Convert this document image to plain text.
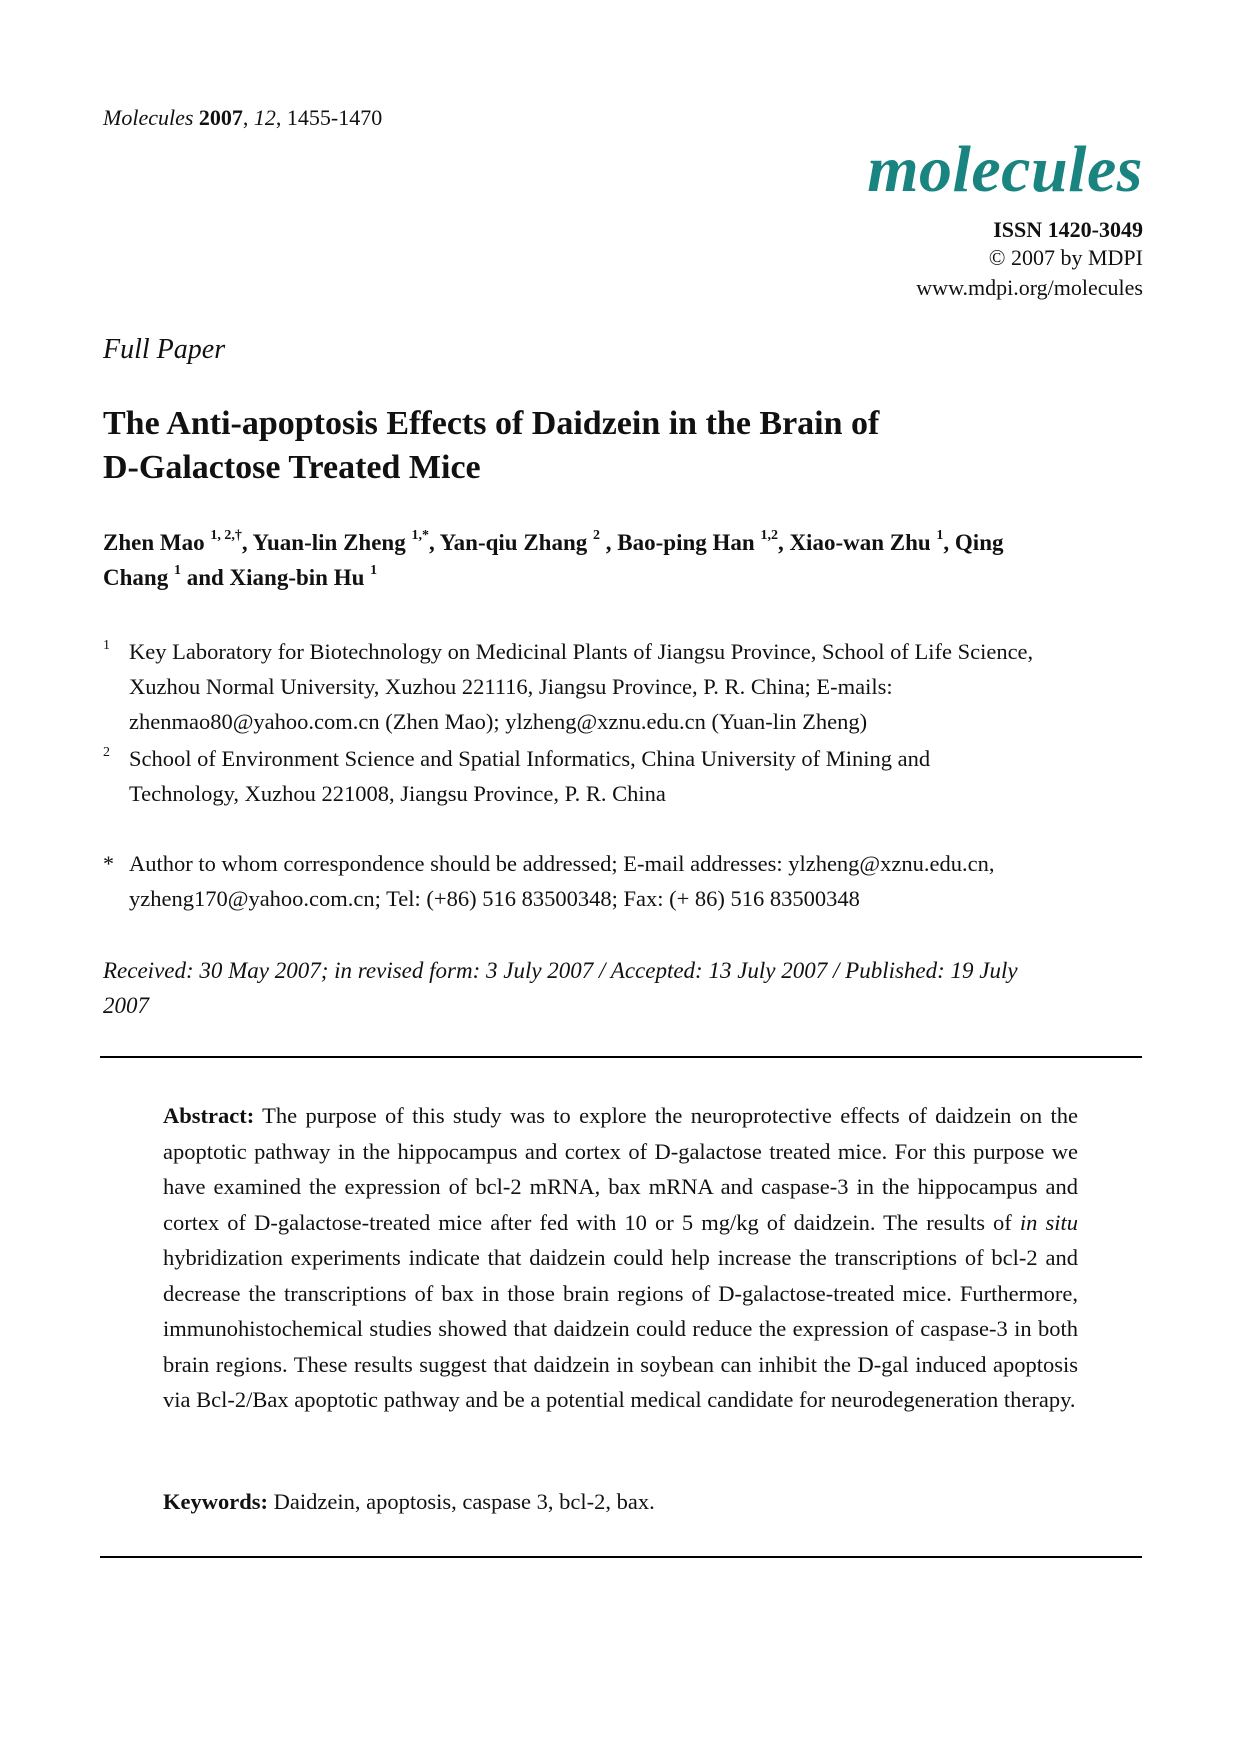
Molecules 2007, 12, 1455-1470
molecules
ISSN 1420-3049
© 2007 by MDPI
www.mdpi.org/molecules
Full Paper
The Anti-apoptosis Effects of Daidzein in the Brain of
D-Galactose Treated Mice
Zhen Mao $^{1, 2,\dagger}$, Yuan-lin Zheng $^{1,*}$, Yan-qiu Zhang $^2$ , Bao-ping Han $^{1,2}$, Xiao-wan Zhu $^1$, Qing
Chang $^1$ and Xiang-bin Hu $^1$
1 Key Laboratory for Biotechnology on Medicinal Plants of Jiangsu Province, School of Life Science,
Xuzhou Normal University, Xuzhou 221116, Jiangsu Province, P. R. China; E-mails:
zhenmao80@yahoo.com.cn (Zhen Mao); ylzheng@xznu.edu.cn (Yuan-lin Zheng)
2 School of Environment Science and Spatial Informatics, China University of Mining and
Technology, Xuzhou 221008, Jiangsu Province, P. R. China
* Author to whom correspondence should be addressed; E-mail addresses: ylzheng@xznu.edu.cn,
yzheng170@yahoo.com.cn; Tel: (+86) 516 83500348; Fax: (+ 86) 516 83500348
Received: 30 May 2007; in revised form: 3 July 2007 / Accepted: 13 July 2007 / Published: 19 July
2007
Abstract: The purpose of this study was to explore the neuroprotective effects of daidzein on the apoptotic pathway in the hippocampus and cortex of D-galactose treated mice. For this purpose we have examined the expression of bcl-2 mRNA, bax mRNA and caspase-3 in the hippocampus and cortex of D-galactose-treated mice after fed with 10 or 5 mg/kg of daidzein. The results of in situ hybridization experiments indicate that daidzein could help increase the transcriptions of bcl-2 and decrease the transcriptions of bax in those brain regions of D-galactose-treated mice. Furthermore, immunohistochemical studies showed that daidzein could reduce the expression of caspase-3 in both brain regions. These results suggest that daidzein in soybean can inhibit the D-gal induced apoptosis via Bcl-2/Bax apoptotic pathway and be a potential medical candidate for neurodegeneration therapy.
Keywords: Daidzein, apoptosis, caspase 3, bcl-2, bax.
